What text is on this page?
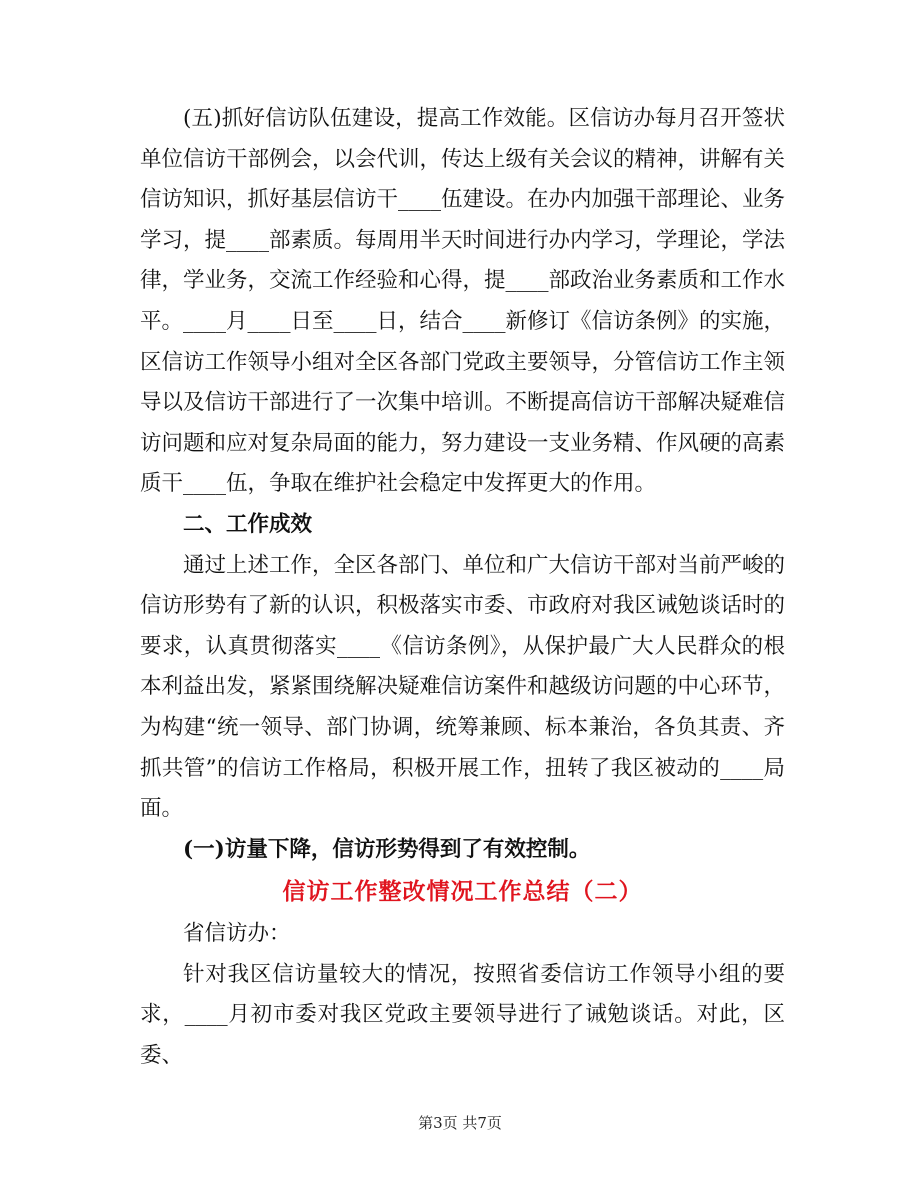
(五)抓好信访队伍建设，提高工作效能。区信访办每月召开签状单位信访干部例会，以会代训，传达上级有关会议的精神，讲解有关信访知识，抓好基层信访干____伍建设。在办内加强干部理论、业务学习，提____部素质。每周用半天时间进行办内学习，学理论，学法律，学业务，交流工作经验和心得，提____部政治业务素质和工作水平。____月____日至____日，结合____新修订《信访条例》的实施，区信访工作领导小组对全区各部门党政主要领导，分管信访工作主领导以及信访干部进行了一次集中培训。不断提高信访干部解决疑难信访问题和应对复杂局面的能力，努力建设一支业务精、作风硬的高素质干____伍，争取在维护社会稳定中发挥更大的作用。

二、工作成效

通过上述工作，全区各部门、单位和广大信访干部对当前严峻的信访形势有了新的认识，积极落实市委、市政府对我区诫勉谈话时的要求，认真贯彻落实____《信访条例》，从保护最广大人民群众的根本利益出发，紧紧围绕解决疑难信访案件和越级访问题的中心环节，为构建“统一领导、部门协调，统筹兼顾、标本兼治，各负其责、齐抓共管”的信访工作格局，积极开展工作，扭转了我区被动的____局面。

(一)访量下降，信访形势得到了有效控制。

信访工作整改情况工作总结（二）

省信访办：

针对我区信访量较大的情况，按照省委信访工作领导小组的要求，____月初市委对我区党政主要领导进行了诫勉谈话。对此，区委、

第3页 共7页
